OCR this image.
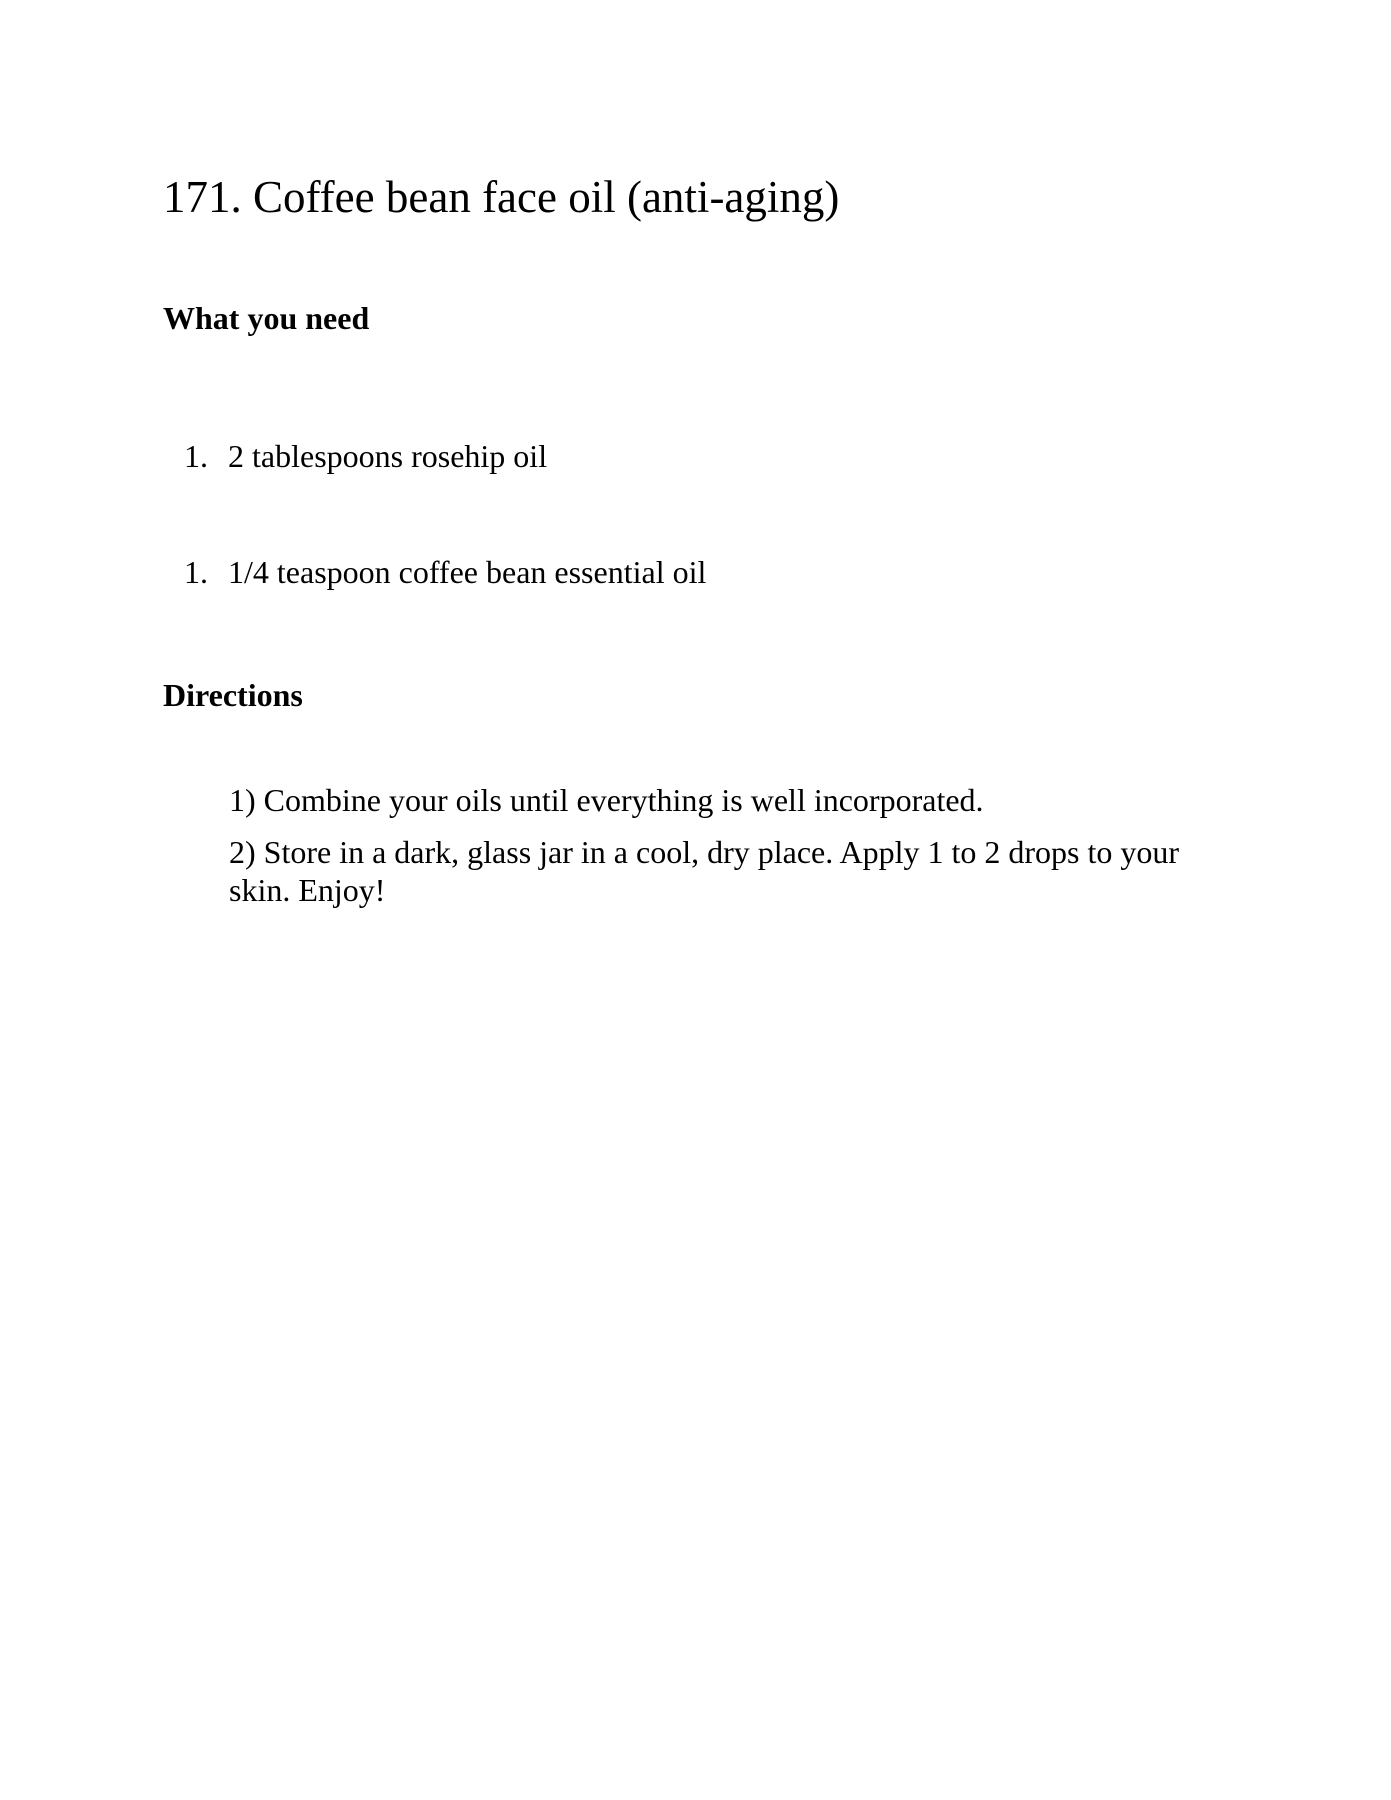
171. Coffee bean face oil (anti-aging)
What you need
1. 2 tablespoons rosehip oil
1. 1/4 teaspoon coffee bean essential oil
Directions

1) Combine your oils until everything is well incorporated.

2) Store in a dark, glass jar in a cool, dry place. Apply 1 to 2 drops to your skin. Enjoy!
